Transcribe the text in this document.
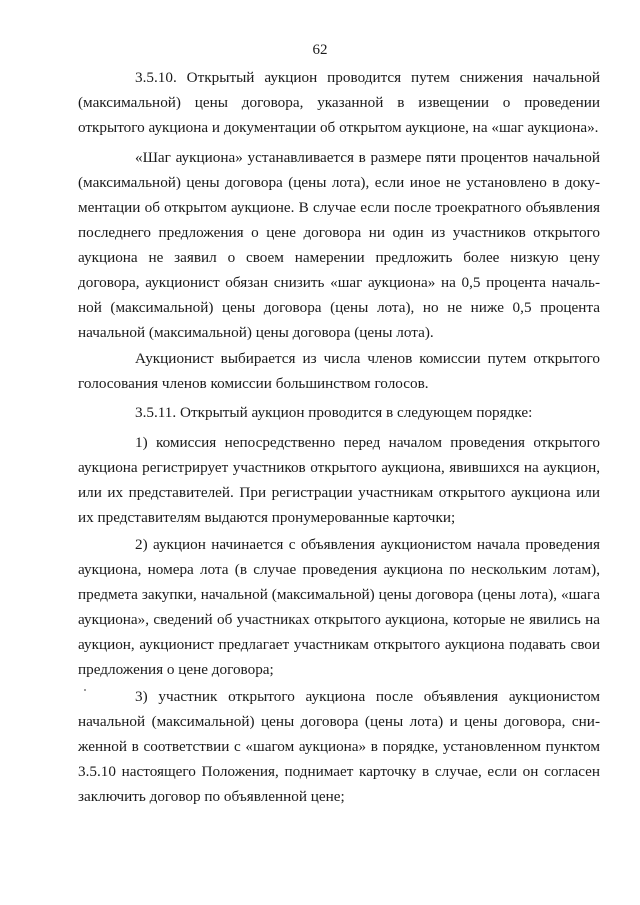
62

3.5.10. Открытый аукцион проводится путем снижения начальной (максимальной) цены договора, указанной в извещении о проведении открытого аукциона и документации об открытом аукционе, на «шаг аукциона».

«Шаг аукциона» устанавливается в размере пяти процентов начальной (максимальной) цены договора (цены лота), если иное не установлено в документации об открытом аукционе. В случае если после троекратного объявления последнего предложения о цене договора ни один из участников открытого аукциона не заявил о своем намерении предложить более низкую цену договора, аукционист обязан снизить «шаг аукциона» на 0,5 процента начальной (максимальной) цены договора (цены лота), но не ниже 0,5 процента начальной (максимальной) цены договора (цены лота).

Аукционист выбирается из числа членов комиссии путем открытого голосования членов комиссии большинством голосов.

3.5.11. Открытый аукцион проводится в следующем порядке:

1) комиссия непосредственно перед началом проведения открытого аукциона регистрирует участников открытого аукциона, явившихся на аукцион, или их представителей. При регистрации участникам открытого аукциона или их представителям выдаются пронумерованные карточки;

2) аукцион начинается с объявления аукционистом начала проведения аукциона, номера лота (в случае проведения аукциона по нескольким лотам), предмета закупки, начальной (максимальной) цены договора (цены лота), «шага аукциона», сведений об участниках открытого аукциона, которые не явились на аукцион, аукционист предлагает участникам открытого аукциона подавать свои предложения о цене договора;

3) участник открытого аукциона после объявления аукционистом начальной (максимальной) цены договора (цены лота) и цены договора, сниженной в соответствии с «шагом аукциона» в порядке, установленном пунктом 3.5.10 настоящего Положения, поднимает карточку в случае, если он согласен заключить договор по объявленной цене;
